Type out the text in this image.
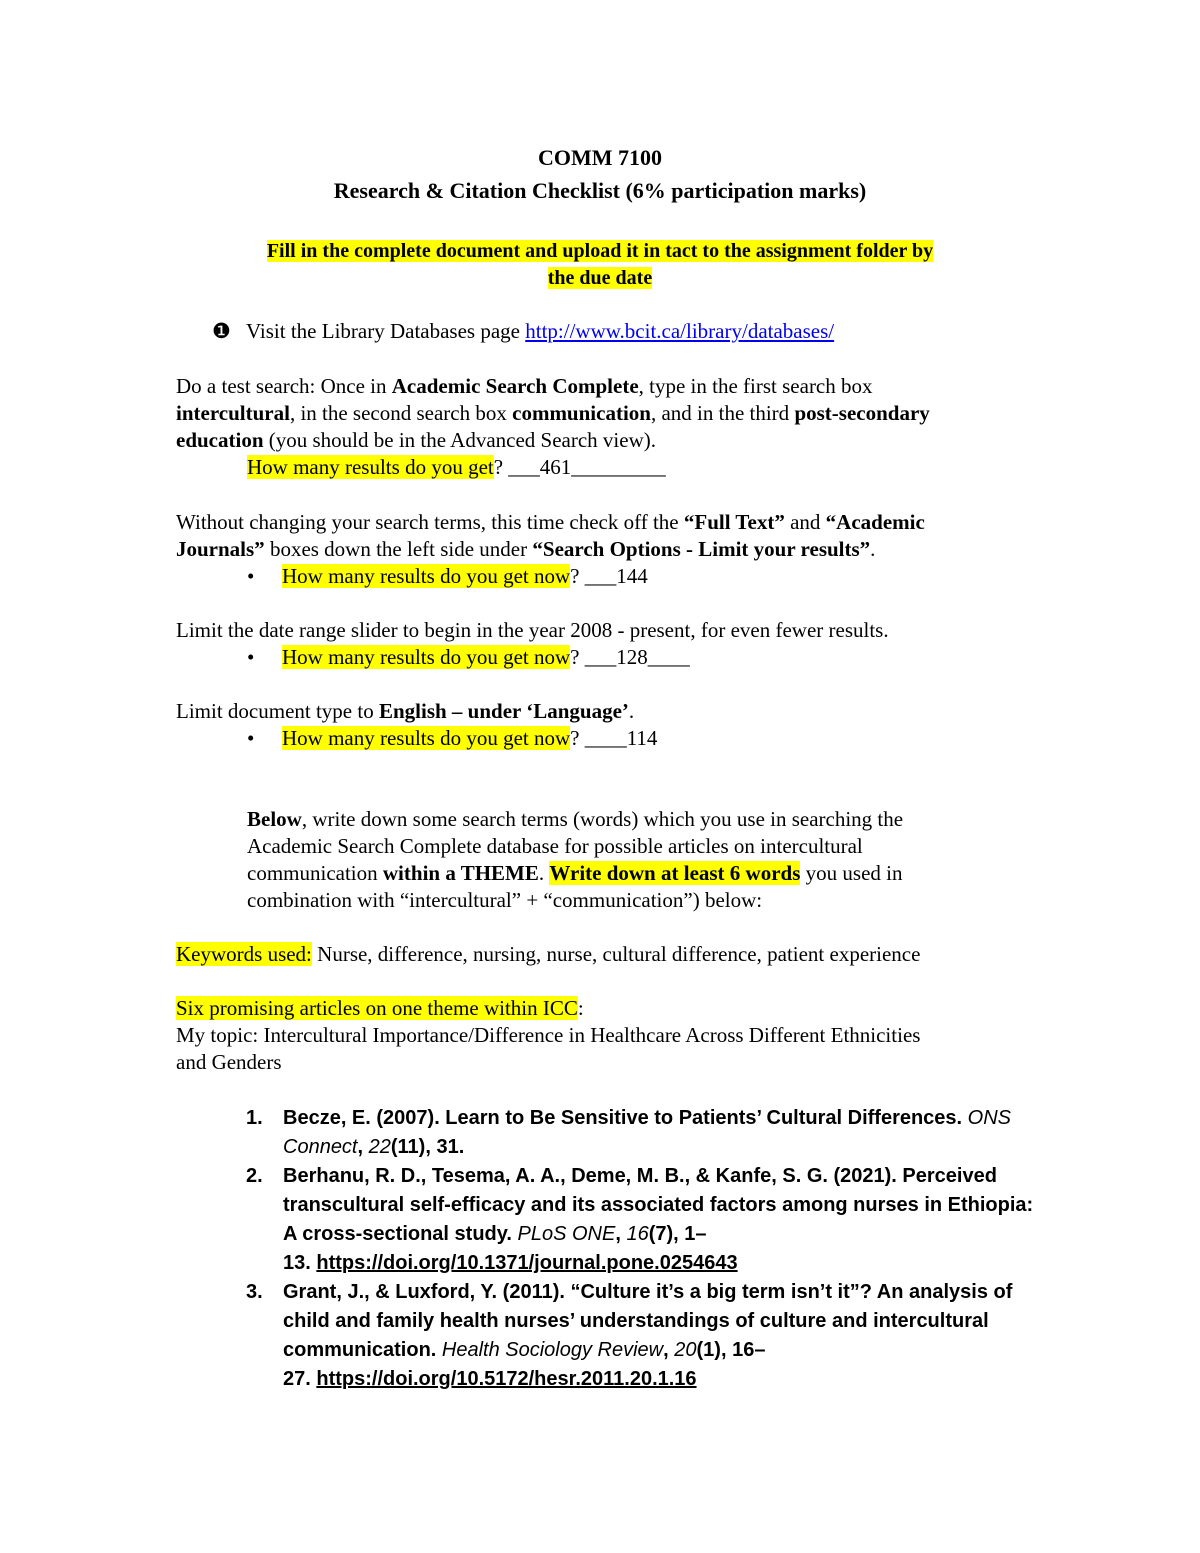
COMM 7100
Research & Citation Checklist (6% participation marks)
Fill in the complete document and upload it in tact to the assignment folder by
the due date
❶ Visit the Library Databases page http://www.bcit.ca/library/databases/
Do a test search: Once in Academic Search Complete, type in the first search box
intercultural, in the second search box communication, and in the third post-secondary
education (you should be in the Advanced Search view).
How many results do you get? ___461_________
Without changing your search terms, this time check off the “Full Text” and “Academic
Journals” boxes down the left side under “Search Options - Limit your results”.
• How many results do you get now? ___144
Limit the date range slider to begin in the year 2008 - present, for even fewer results.
• How many results do you get now? ___128____
Limit document type to English – under ‘Language’.
• How many results do you get now? ____114
Below, write down some search terms (words) which you use in searching the
Academic Search Complete database for possible articles on intercultural
communication within a THEME. Write down at least 6 words you used in
combination with “intercultural” + “communication”) below:
Keywords used: Nurse, difference, nursing, nurse, cultural difference, patient experience
Six promising articles on one theme within ICC:
My topic: Intercultural Importance/Difference in Healthcare Across Different Ethnicities
and Genders
1. Becze, E. (2007). Learn to Be Sensitive to Patients’ Cultural Differences. ONS Connect, 22(11), 31.
2. Berhanu, R. D., Tesema, A. A., Deme, M. B., & Kanfe, S. G. (2021). Perceived transcultural self-efficacy and its associated factors among nurses in Ethiopia: A cross-sectional study. PLoS ONE, 16(7), 1–
13. https://doi.org/10.1371/journal.pone.0254643
3. Grant, J., & Luxford, Y. (2011). “Culture it’s a big term isn’t it”? An analysis of child and family health nurses’ understandings of culture and intercultural communication. Health Sociology Review, 20(1), 16–
27. https://doi.org/10.5172/hesr.2011.20.1.16
